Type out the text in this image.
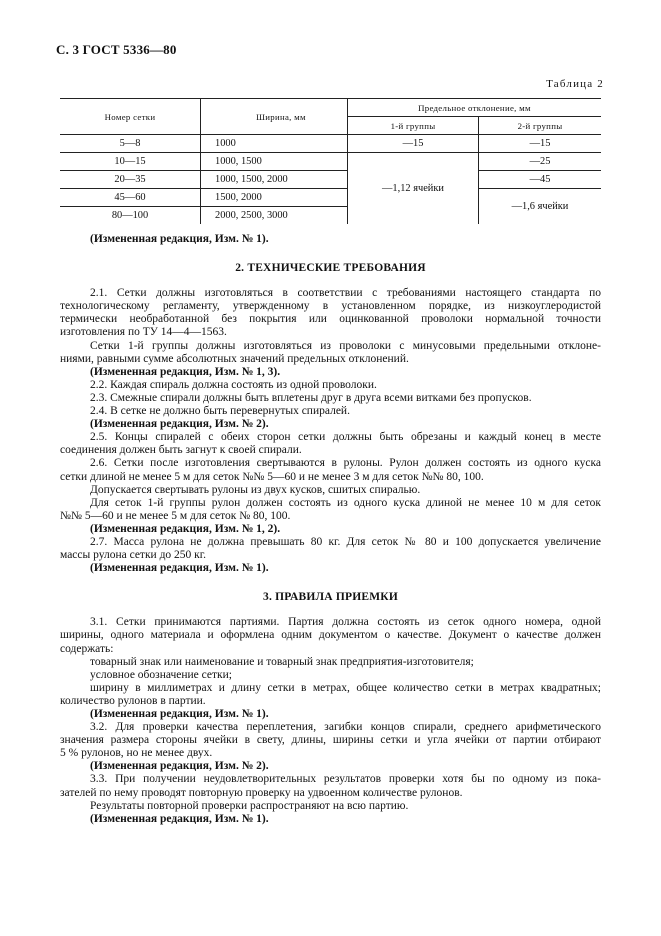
С. 3 ГОСТ 5336—80
Таблица 2
Номер сетки	Ширина, мм	Предельное отклонение, мм	
		1-й группы	2-й группы
5—8	1000	—15	—15
10—15	1000, 1500	—1,12 ячейки	—25
20—35	1000, 1500, 2000		—45
45—60	1500, 2000		—1,6 ячейки
80—100	2000, 2500, 3000		

(Измененная редакция, Изм. № 1).

2. ТЕХНИЧЕСКИЕ ТРЕБОВАНИЯ

2.1. Сетки должны изготовляться в соответствии с требованиями настоящего стандарта по

технологическому регламенту, утвержденному в установленном порядке, из низкоуглеродистой

термически необработанной без покрытия или оцинкованной проволоки нормальной точности

изготовления по ТУ 14—4—1563.

Сетки 1-й группы должны изготовляться из проволоки с минусовыми предельными отклоне-

ниями, равными сумме абсолютных значений предельных отклонений.

(Измененная редакция, Изм. № 1, 3).

2.2. Каждая спираль должна состоять из одной проволоки.

2.3. Смежные спирали должны быть вплетены друг в друга всеми витками без пропусков.

2.4. В сетке не должно быть перевернутых спиралей.

(Измененная редакция, Изм. № 2).

2.5. Концы спиралей с обеих сторон сетки должны быть обрезаны и каждый конец в месте

соединения должен быть загнут к своей спирали.

2.6. Сетки после изготовления свертываются в рулоны. Рулон должен состоять из одного куска

сетки длиной не менее 5 м для сеток №№ 5—60 и не менее 3 м для сеток №№ 80, 100.

Допускается свертывать рулоны из двух кусков, сшитых спиралью.

Для сеток 1-й группы рулон должен состоять из одного куска длиной не менее 10 м для сеток

№№ 5—60 и не менее 5 м для сеток № 80, 100.

(Измененная редакция, Изм. № 1, 2).

2.7. Масса рулона не должна превышать 80 кг. Для сеток № 80 и 100 допускается увеличение

массы рулона сетки до 250 кг.

(Измененная редакция, Изм. № 1).

3. ПРАВИЛА ПРИЕМКИ

3.1. Сетки принимаются партиями. Партия должна состоять из сеток одного номера, одной

ширины, одного материала и оформлена одним документом о качестве. Документ о качестве должен

содержать:

товарный знак или наименование и товарный знак предприятия-изготовителя;

условное обозначение сетки;

ширину в миллиметрах и длину сетки в метрах, общее количество сетки в метрах квадратных;

количество рулонов в партии.

(Измененная редакция, Изм. № 1).

3.2. Для проверки качества переплетения, загибки концов спирали, среднего арифметического

значения размера стороны ячейки в свету, длины, ширины сетки и угла ячейки от партии отбирают

5 % рулонов, но не менее двух.

(Измененная редакция, Изм. № 2).

3.3. При получении неудовлетворительных результатов проверки хотя бы по одному из пока-

зателей по нему проводят повторную проверку на удвоенном количестве рулонов.

Результаты повторной проверки распространяют на всю партию.

(Измененная редакция, Изм. № 1).
